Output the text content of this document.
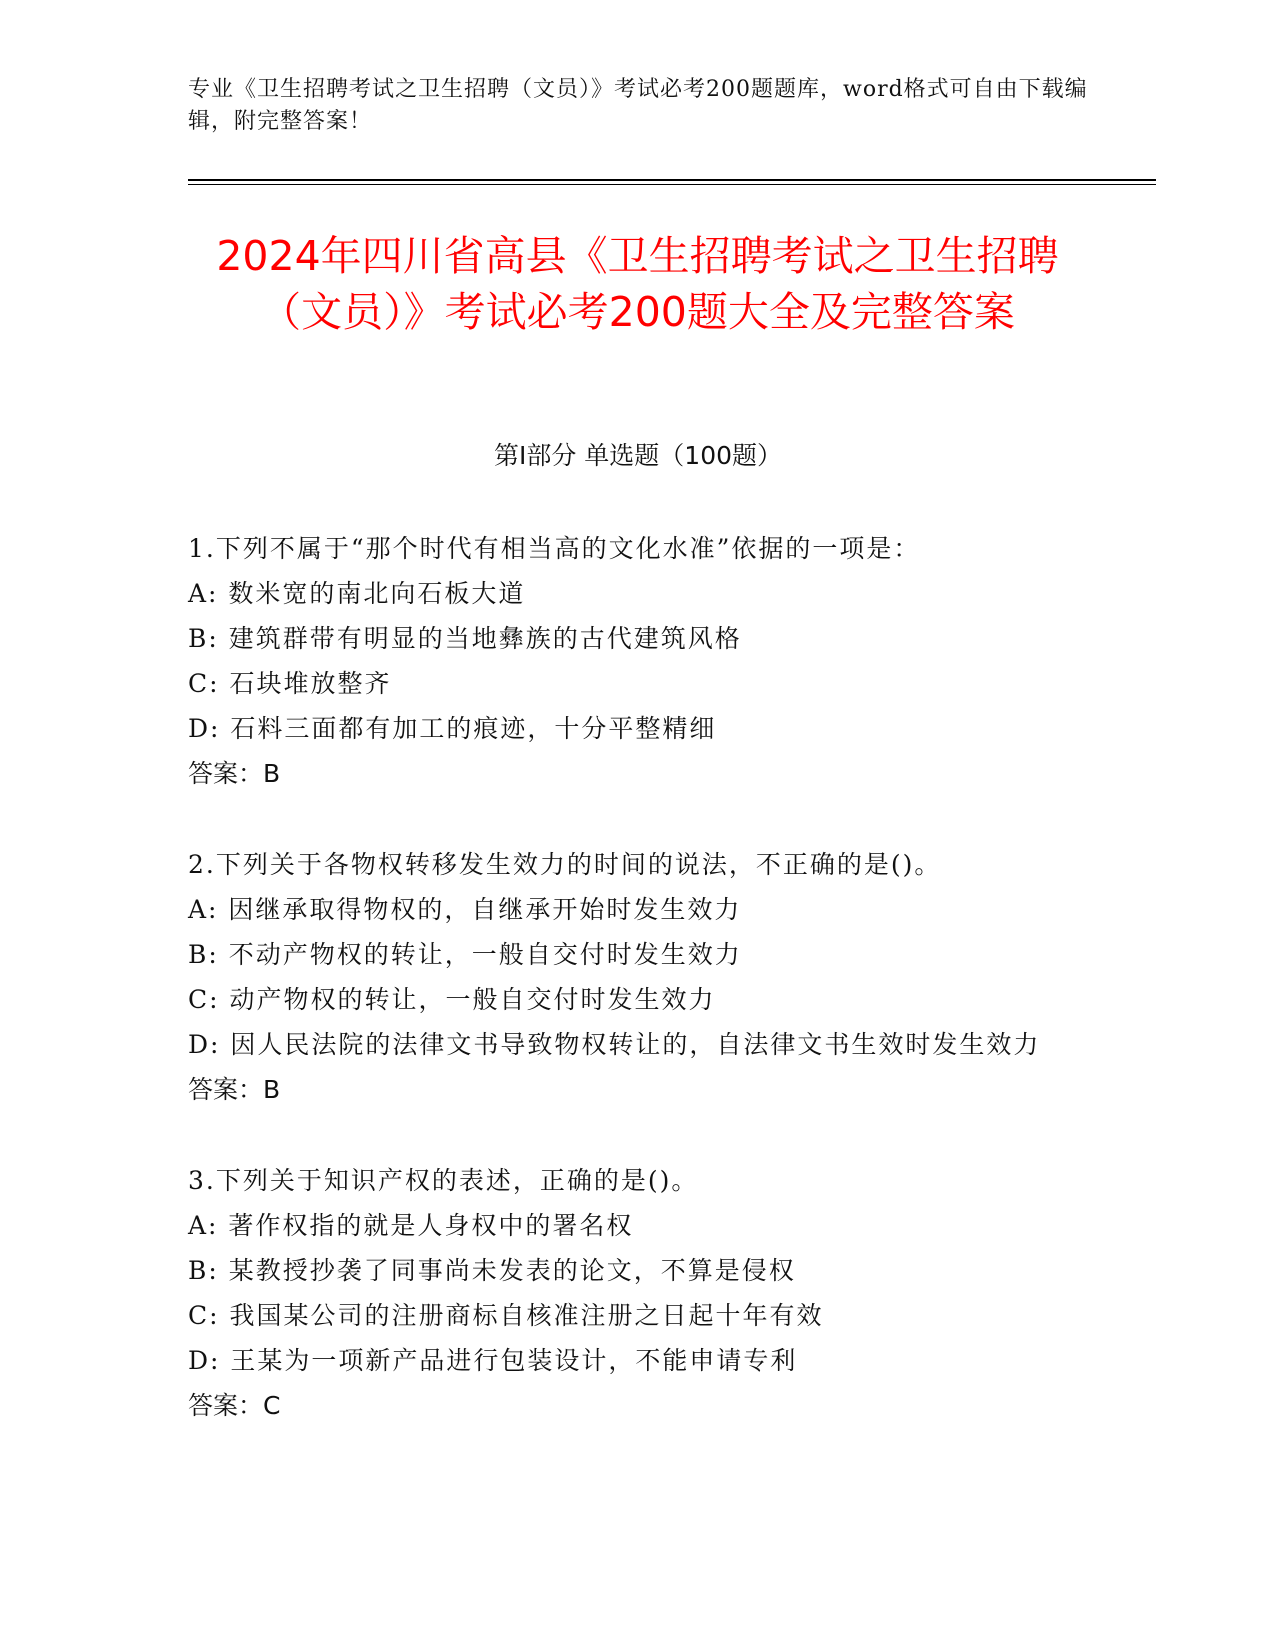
专业《卫生招聘考试之卫生招聘（文员）》考试必考200题题库，word格式可自由下载编辑，附完整答案！
2024年四川省高县《卫生招聘考试之卫生招聘（文员）》考试必考200题大全及完整答案
第I部分 单选题（100题）
1.下列不属于“那个时代有相当高的文化水准”依据的一项是：
A: 数米宽的南北向石板大道
B: 建筑群带有明显的当地彝族的古代建筑风格
C: 石块堆放整齐
D: 石料三面都有加工的痕迹，十分平整精细
答案：B
2.下列关于各物权转移发生效力的时间的说法，不正确的是()。
A: 因继承取得物权的，自继承开始时发生效力
B: 不动产物权的转让，一般自交付时发生效力
C: 动产物权的转让，一般自交付时发生效力
D: 因人民法院的法律文书导致物权转让的，自法律文书生效时发生效力
答案：B
3.下列关于知识产权的表述，正确的是()。
A: 著作权指的就是人身权中的署名权
B: 某教授抄袭了同事尚未发表的论文，不算是侵权
C: 我国某公司的注册商标自核准注册之日起十年有效
D: 王某为一项新产品进行包装设计，不能申请专利
答案：C
